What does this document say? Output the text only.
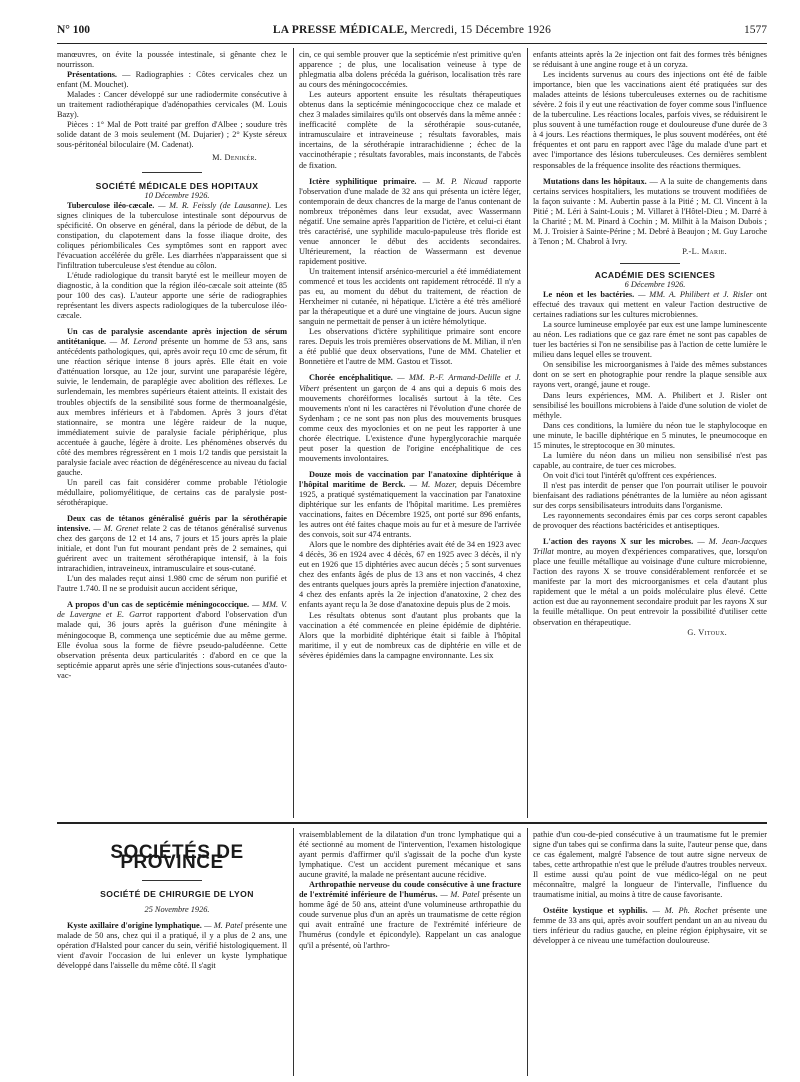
N° 100	LA PRESSE MÉDICALE, Mercredi, 15 Décembre 1926	1577

manœuvres, on évite la poussée intestinale, si gênante chez le nourrisson.

Présentations. — Radiographies : Côtes cervicales chez un enfant (M. Mouchet).

Malades : Cancer développé sur une radiodermite consécutive à un traitement radiothérapique d'adénopathies cervicales (M. Louis Bazy).

Pièces : 1° Mal de Pott traité par greffon d'Albee ; soudure très solide datant de 3 mois seulement (M. Dujarier) ; 2° Kyste séreux sous-péritonéal biloculaire (M. Cadenat).

M. Denikér.

SOCIÉTÉ MÉDICALE DES HOPITAUX

10 Décembre 1926.

Tuberculose iléo-cæcale. — M. R. Feissly (de Lausanne). Les signes cliniques de la tuberculose intestinale sont dépourvus de spécificité. On observe en général, dans la période de début, de la constipation, du clapotement dans la fosse iliaque droite, des coliques périombilicales Ces symptômes sont en rapport avec l'évacuation accélérée du grêle. Les diarrhées n'apparaissent que si l'infiltration tuberculeuse s'est étendue au côlon.

L'étude radiologique du transit baryté est le meilleur moyen de diagnostic, à la condition que la région iléo-cæcale soit atteinte (85 pour 100 des cas). L'auteur apporte une série de radiographies représentant les divers aspects radiologiques de la tuberculose iléo-cæcale.

Un cas de paralysie ascendante après injection de sérum antitétanique. — M. Lerond présente un homme de 53 ans, sans antécédents pathologiques, qui, après avoir reçu 10 cmc de sérum, fit une réaction sérique intense 8 jours après. Elle était en voie d'atténuation lorsque, au 12e jour, survint une paraparésie légère, suivie, le lendemain, de paraplégie avec abolition des réflexes. Le surlendemain, les membres supérieurs étaient atteints. Il existait des troubles objectifs de la sensibilité sous forme de thermoanalgésie, aux membres inférieurs et à l'abdomen. Après 3 jours d'état stationnaire, se montra une légère raideur de la nuque, immédiatement suivie de paralysie faciale périphérique, plus accentuée à gauche, légère à droite. Les phénomènes observés du côté des membres régressèrent en 1 mois 1/2 tandis que persistait la paralysie faciale avec réaction de dégénérescence au niveau du facial gauche.

Un pareil cas fait considérer comme probable l'étiologie médullaire, poliomyélitique, de certains cas de paralysie post-sérothérapique.

Deux cas de tétanos généralisé guéris par la sérothérapie intensive. — M. Grenet relate 2 cas de tétanos généralisé survenus chez des garçons de 12 et 14 ans, 7 jours et 15 jours après la plaie initiale, et dont l'un fut mourant pendant près de 2 semaines, qui guérirent avec un traitement sérothérapique intensif, à la fois intrarachidien, intraveineux, intramusculaire et sous-cutané.

L'un des malades reçut ainsi 1.980 cmc de sérum non purifié et l'autre 1.740. Il ne se produisit aucun accident sérique,

A propos d'un cas de septicémie méningococcique. — MM. V. de Lavergne et E. Garrot rapportent d'abord l'observation d'un malade qui, 36 jours après la guérison d'une méningite à méningocoque B, commença une septicémie due au même germe. Elle évolua sous la forme de fièvre pseudo-paludéenne. Cette observation présenta deux particularités : d'abord en ce que la septicémie apparut après une série d'injections sous-cutanées d'auto-vac-

cin, ce qui semble prouver que la septicémie n'est primitive qu'en apparence ; de plus, une localisation veineuse à type de phlegmatia alba dolens précéda la guérison, localisation très rare au cours des méningococcémies.

Les auteurs apportent ensuite les résultats thérapeutiques obtenus dans la septicémie méningococcique chez ce malade et chez 3 malades similaires qu'ils ont observés dans la même année : inefficacité complète de la sérothérapie sous-cutanée, intramusculaire et intraveineuse ; résultats favorables, mais incertains, de la sérothérapie intrarachidienne ; échec de la vaccinothérapie ; résultats favorables, mais inconstants, de l'abcès de fixation.

Ictère syphilitique primaire. — M. P. Nicaud rapporte l'observation d'une malade de 32 ans qui présenta un ictère léger, contemporain de deux chancres de la marge de l'anus contenant de nombreux tréponèmes dans leur exsudat, avec Wassermann négatif. Une semaine après l'apparition de l'ictère, et celui-ci étant très caractérisé, une syphilide maculo-papuleuse très floride est venue annoncer le début des accidents secondaires. Ultérieurement, la réaction de Wassermann est devenue rapidement positive.

Un traitement intensif arsénico-mercuriel a été immédiatement commencé et tous les accidents ont rapidement rétrocédé. Il n'y a pas eu, au moment du début du traitement, de réaction de Herxheimer ni cutanée, ni hépatique. L'ictère a été très amélioré par la thérapeutique et a duré une vingtaine de jours. Aucun signe sanguin ne permettait de penser à un ictère hémolytique.

Les observations d'ictère syphilitique primaire sont encore rares. Depuis les trois premières observations de M. Milian, il n'en a été publié que deux observations, l'une de MM. Chatelier et Bonnetière et l'autre de MM. Gastou et Tissot.

Chorée encéphalitique. — MM. P.-F. Armand-Delille et J. Vibert présentent un garçon de 4 ans qui a depuis 6 mois des mouvements choréiformes localisés surtout à la tête. Ces mouvements n'ont ni les caractères ni l'évolution d'une chorée de Sydenham ; ce ne sont pas non plus des mouvements brusques comme ceux des myoclonies et on ne peut les rapporter à une chorée électrique. L'existence d'une hyperglycorachie marquée peut poser la question de l'origine encéphalitique de ces mouvements involontaires.

Douze mois de vaccination par l'anatoxine diphtérique à l'hôpital maritime de Berck. — M. Mozer, depuis Décembre 1925, a pratiqué systématiquement la vaccination par l'anatoxine diphtérique sur les enfants de l'hôpital maritime. Les premières vaccinations, faites en Décembre 1925, ont porté sur 896 enfants, les autres ont été faites chaque mois au fur et à mesure de l'arrivée des convois, soit sur 474 entrants.

Alors que le nombre des diphtéries avait été de 34 en 1923 avec 4 décès, 36 en 1924 avec 4 décès, 67 en 1925 avec 3 décès, il n'y eut en 1926 que 15 diphtéries avec aucun décès ; 5 sont survenues chez des enfants âgés de plus de 13 ans et non vaccinés, 4 chez des entrants quelques jours après la première injection d'anatoxine, 4 chez des enfants après la 2e injection d'anatoxine, 2 chez des enfants ayant reçu la 3e dose d'anatoxine depuis plus de 2 mois.

Les résultats obtenus sont d'autant plus probants que la vaccination a été commencée en pleine épidémie de diphtérie. Alors que la morbidité diphtérique était si faible à l'hôpital maritime, il y eut de nombreux cas de diphtérie en ville et de sévères épidémies dans la campagne environnante. Les six

enfants atteints après la 2e injection ont fait des formes très bénignes se réduisant à une angine rouge et à un coryza.

Les incidents survenus au cours des injections ont été de faible importance, bien que les vaccinations aient été pratiquées sur des malades atteints de lésions tuberculeuses externes ou de rachitisme sévère. 2 fois il y eut une réactivation de foyer comme sous l'influence de la tuberculine. Les réactions locales, parfois vives, se réduisirent le plus souvent à une tuméfaction rouge et douloureuse d'une durée de 3 à 4 jours. Les réactions thermiques, le plus souvent modérées, ont été fréquentes et ont paru en rapport avec l'âge du malade d'une part et avec l'importance des lésions tuberculeuses. Ces dernières semblent responsables de la fréquence insolite des réactions thermiques.

Mutations dans les hôpitaux. — A la suite de changements dans certains services hospitaliers, les mutations se trouvent modifiées de la façon suivante : M. Aubertin passe à la Pitié ; M. Cl. Vincent à la Pitié ; M. Léri à Saint-Louis ; M. Villaret à l'Hôtel-Dieu ; M. Darré à la Charité ; M. M. Pinard à Cochin ; M. Milhit à la Maison Dubois ; M. J. Troisier à Sainte-Périne ; M. Debré à Beaujon ; M. Guy Laroche à Tenon ; M. Chabrol à Ivry.

P.-L. Marie.

ACADÉMIE DES SCIENCES

6 Décembre 1926.

Le néon et les bactéries. — MM. A. Philibert et J. Risler ont effectué des travaux qui mettent en valeur l'action destructive de certaines radiations sur les cultures microbiennes.

La source lumineuse employée par eux est une lampe luminescente au néon. Les radiations que ce gaz rare émet ne sont pas capables de tuer les bactéries si l'on ne sensibilise pas à l'action de cette lumière le milieu dans lequel elles se trouvent.

On sensibilise les microorganismes à l'aide des mêmes substances dont on se sert en photographie pour rendre la plaque sensible aux rayons vert, orangé, jaune et rouge.

Dans leurs expériences, MM. A. Philibert et J. Risler ont sensibilisé les bouillons microbiens à l'aide d'une solution de violet de méthyle.

Dans ces conditions, la lumière du néon tue le staphylocoque en une minute, le bacille diphtérique en 5 minutes, le pneumocoque en 15 minutes, le streptocoque en 30 minutes.

La lumière du néon dans un milieu non sensibilisé n'est pas capable, au contraire, de tuer ces microbes.

On voit d'ici tout l'intérêt qu'offrent ces expériences.

Il n'est pas interdit de penser que l'on pourrait utiliser le pouvoir bienfaisant des radiations pénétrantes de la lumière au néon agissant sur des corps sensibilisateurs introduits dans l'organisme.

Les rayonnements secondaires émis par ces corps seront capables de provoquer des réactions bactéricides et antiseptiques.

L'action des rayons X sur les microbes. — M. Jean-Jacques Trillat montre, au moyen d'expériences comparatives, que, lorsqu'on place une feuille métallique au voisinage d'une culture microbienne, l'action des rayons X se trouve considérablement renforcée et se manifeste par la mort des microorganismes et cela d'autant plus rapidement que le métal a un poids moléculaire plus élevé. Cette action est due au rayonnement secondaire produit par les rayons X sur la feuille métallique. On peut entrevoir la possibilité d'utiliser cette observation en thérapeutique.

G. Vitoux.

SOCIÉTÉS DE PROVINCE

SOCIÉTÉ DE CHIRURGIE DE LYON

25 Novembre 1926.

Kyste axillaire d'origine lymphatique. — M. Patel présente une malade de 50 ans, chez qui il a pratiqué, il y a plus de 2 ans, une opération d'Halsted pour cancer du sein, vérifié histologiquement. Il vient d'avoir l'occasion de lui enlever un kyste lymphatique développé dans l'aisselle du même côté. Il s'agit

vraisemblablement de la dilatation d'un tronc lymphatique qui a été sectionné au moment de l'intervention, l'examen histologique ayant permis d'affirmer qu'il s'agissait de la poche d'un kyste lymphatique. C'est un accident purement mécanique et sans aucune gravité, la malade ne présentant aucune récidive.

Arthropathie nerveuse du coude consécutive à une fracture de l'extrémité inférieure de l'humérus. — M. Patel présente un homme âgé de 50 ans, atteint d'une volumineuse arthropathie du coude survenue plus d'un an après un traumatisme de cette région qui avait entraîné une fracture de l'extrémité inférieure de l'humérus (condyle et épicondyle). Rappelant un cas analogue qu'il a présenté, où l'arthro-

pathie d'un cou-de-pied consécutive à un traumatisme fut le premier signe d'un tabes qui se confirma dans la suite, l'auteur pense que, dans ce cas également, malgré l'absence de tout autre signe nerveux de tabes, cette arthropathie n'est que le prélude d'autres troubles nerveux. Il estime aussi qu'au point de vue médico-légal on ne peut méconnaître, malgré la longueur de l'intervalle, l'influence du traumatisme initial, au moins à titre de cause favorisante.

Ostéite kystique et syphilis. — M. Ph. Rochet présente une femme de 33 ans qui, après avoir souffert pendant un an au niveau du tiers inférieur du radius gauche, en pleine région épiphysaire, vit se développer à ce niveau une tuméfaction douloureuse.
